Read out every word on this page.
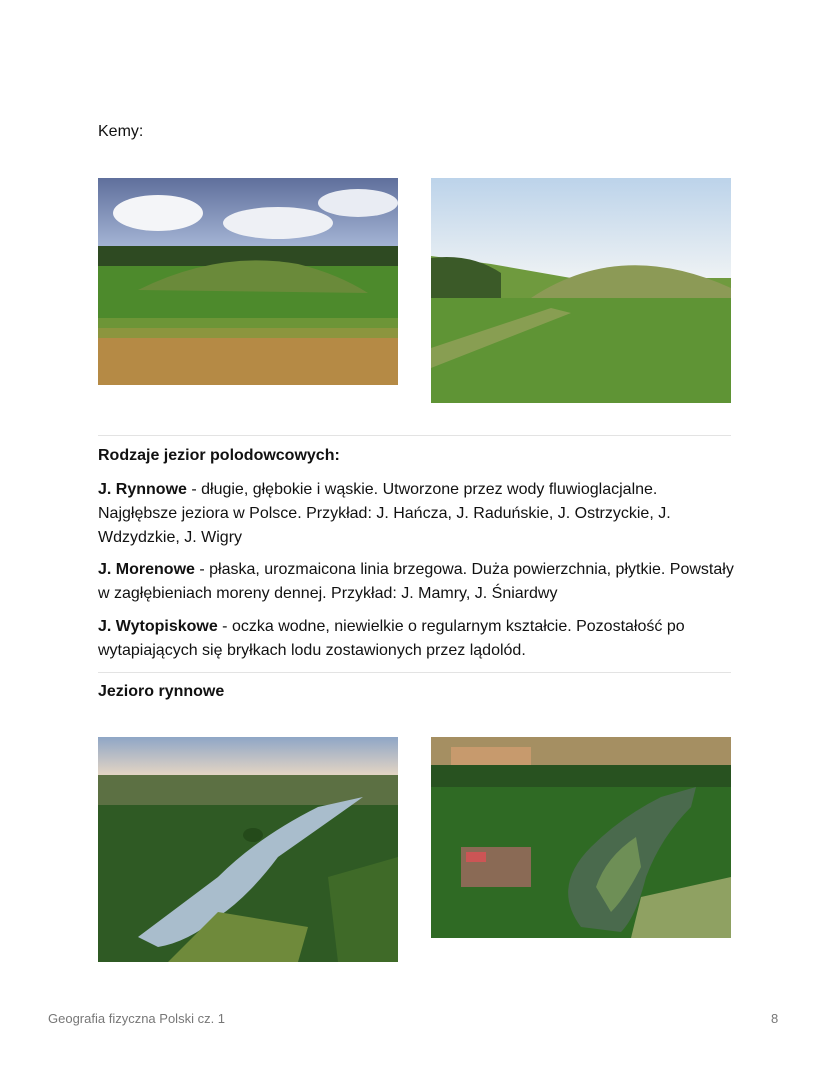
Kemy:
Rodzaje jezior polodowcowych:
J. Rynnowe - długie, głębokie i wąskie. Utworzone przez wody fluwioglacjalne. Najgłębsze jeziora w Polsce. Przykład: J. Hańcza, J. Raduńskie, J. Ostrzyckie, J. Wdzydzkie, J. Wigry
J. Morenowe - płaska, urozmaicona linia brzegowa. Duża powierzchnia, płytkie. Powstały w zagłębieniach moreny dennej. Przykład: J. Mamry, J. Śniardwy
J. Wytopiskowe - oczka wodne, niewielkie o regularnym kształcie. Pozostałość po wytapiających się bryłkach lodu zostawionych przez lądolód.
Jezioro rynnowe
Geografia fizyczna Polski cz. 1	8
